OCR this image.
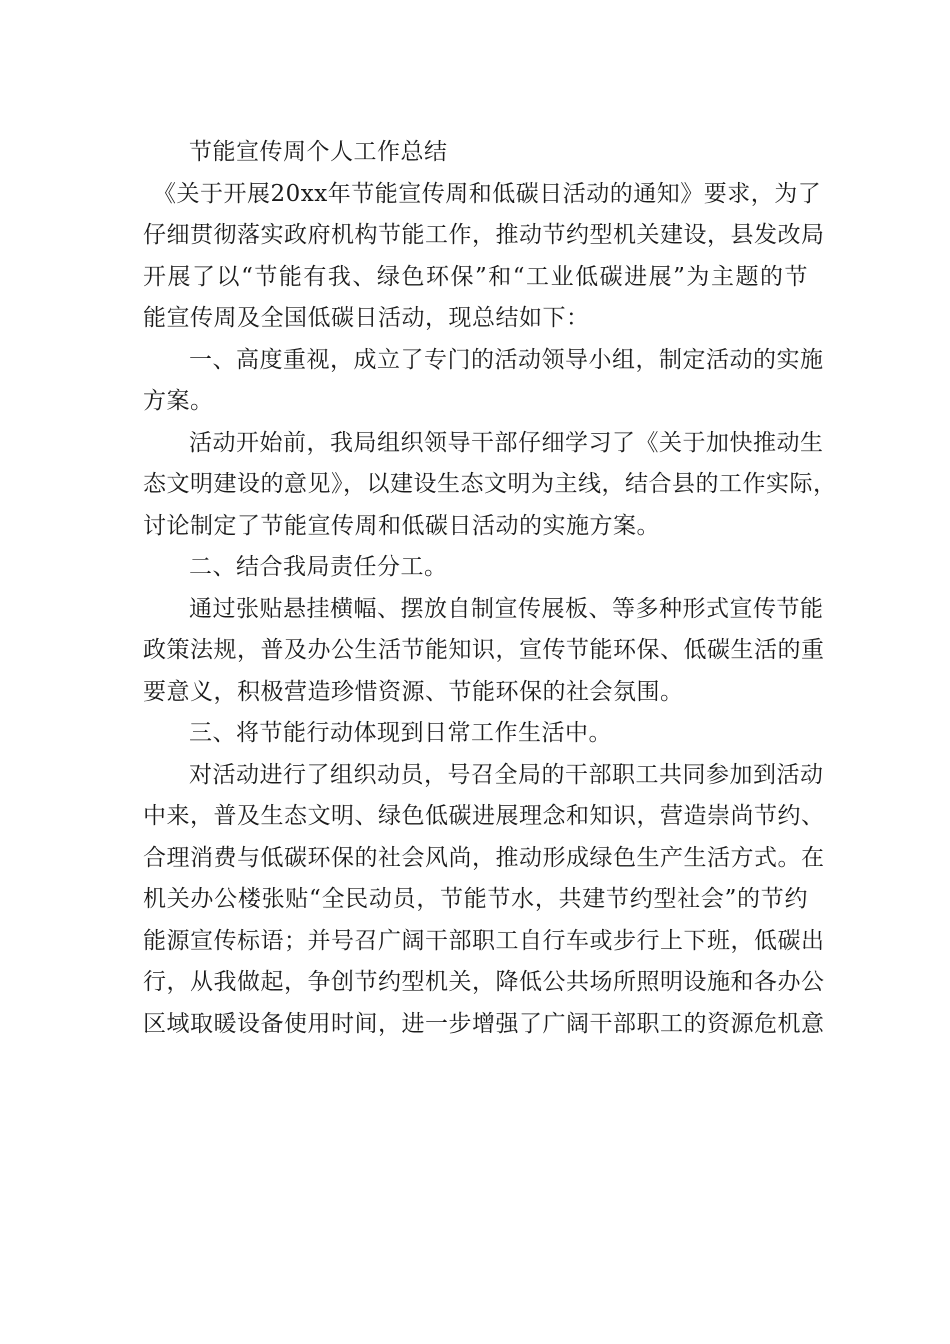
节能宣传周个人工作总结
《关于开展20xx年节能宣传周和低碳日活动的通知》要求，为了
仔细贯彻落实政府机构节能工作，推动节约型机关建设，县发改局
开展了以“节能有我、绿色环保”和“工业低碳进展”为主题的节
能宣传周及全国低碳日活动，现总结如下：
一、高度重视，成立了专门的活动领导小组，制定活动的实施
方案。
活动开始前，我局组织领导干部仔细学习了《关于加快推动生
态文明建设的意见》，以建设生态文明为主线，结合县的工作实际，
讨论制定了节能宣传周和低碳日活动的实施方案。
二、结合我局责任分工。
通过张贴悬挂横幅、摆放自制宣传展板、等多种形式宣传节能
政策法规，普及办公生活节能知识，宣传节能环保、低碳生活的重
要意义，积极营造珍惜资源、节能环保的社会氛围。
三、将节能行动体现到日常工作生活中。
对活动进行了组织动员，号召全局的干部职工共同参加到活动
中来，普及生态文明、绿色低碳进展理念和知识，营造崇尚节约、
合理消费与低碳环保的社会风尚，推动形成绿色生产生活方式。在
机关办公楼张贴“全民动员，节能节水，共建节约型社会”的节约
能源宣传标语；并号召广阔干部职工自行车或步行上下班，低碳出
行，从我做起，争创节约型机关，降低公共场所照明设施和各办公
区域取暖设备使用时间，进一步增强了广阔干部职工的资源危机意
